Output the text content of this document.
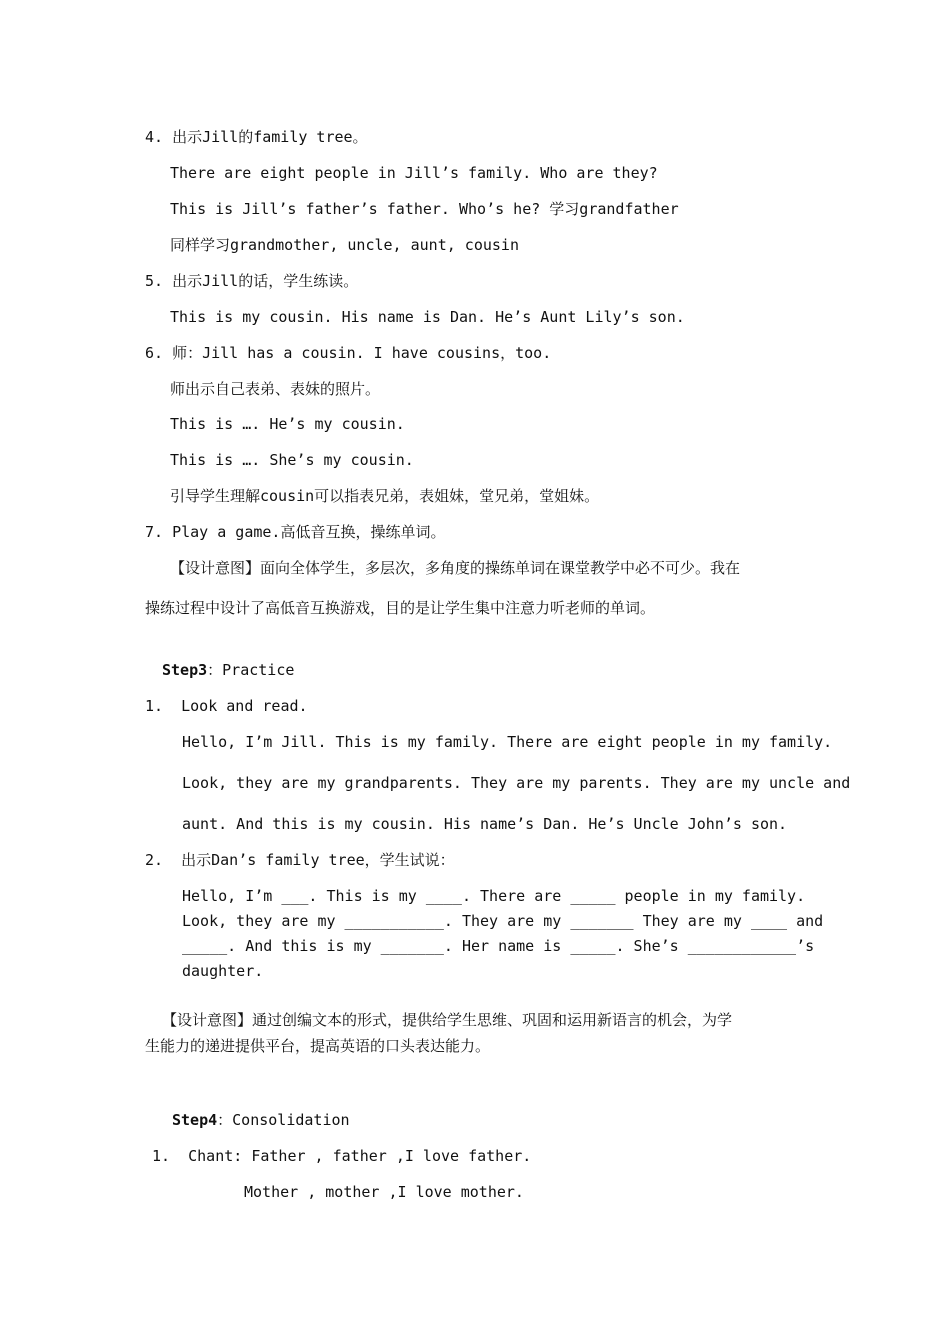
4. 出示Jill的family tree。
There are eight people in Jill’s family. Who are they?
This is Jill’s father’s father. Who’s he? 学习grandfather
同样学习grandmother, uncle, aunt, cousin
5. 出示Jill的话，学生练读。
This is my cousin. His name is Dan. He’s Aunt Lily’s son.
6. 师：Jill has a cousin. I have cousins，too.
师出示自己表弟、表妹的照片。
This is …. He’s my cousin.
This is …. She’s my cousin.
引导学生理解cousin可以指表兄弟，表姐妹，堂兄弟，堂姐妹。
7. Play a game.高低音互换，操练单词。
【设计意图】面向全体学生，多层次，多角度的操练单词在课堂教学中必不可少。我在
操练过程中设计了高低音互换游戏，目的是让学生集中注意力听老师的单词。
Step3：Practice
1.  Look and read.
Hello, I’m Jill. This is my family. There are eight people in my family.
Look, they are my grandparents. They are my parents. They are my uncle and
aunt. And this is my cousin. His name’s Dan. He’s Uncle John’s son.
2.  出示Dan’s family tree，学生试说：
Hello, I’m ___. This is my ____. There are _____ people in my family.
Look, they are my ___________. They are my _______ They are my ____ and
_____. And this is my _______. Her name is _____. She’s ____________’s
daughter.
【设计意图】通过创编文本的形式，提供给学生思维、巩固和运用新语言的机会，为学
生能力的递进提供平台，提高英语的口头表达能力。
Step4：Consolidation
1.  Chant: Father , father ,I love father.
Mother , mother ,I love mother.
